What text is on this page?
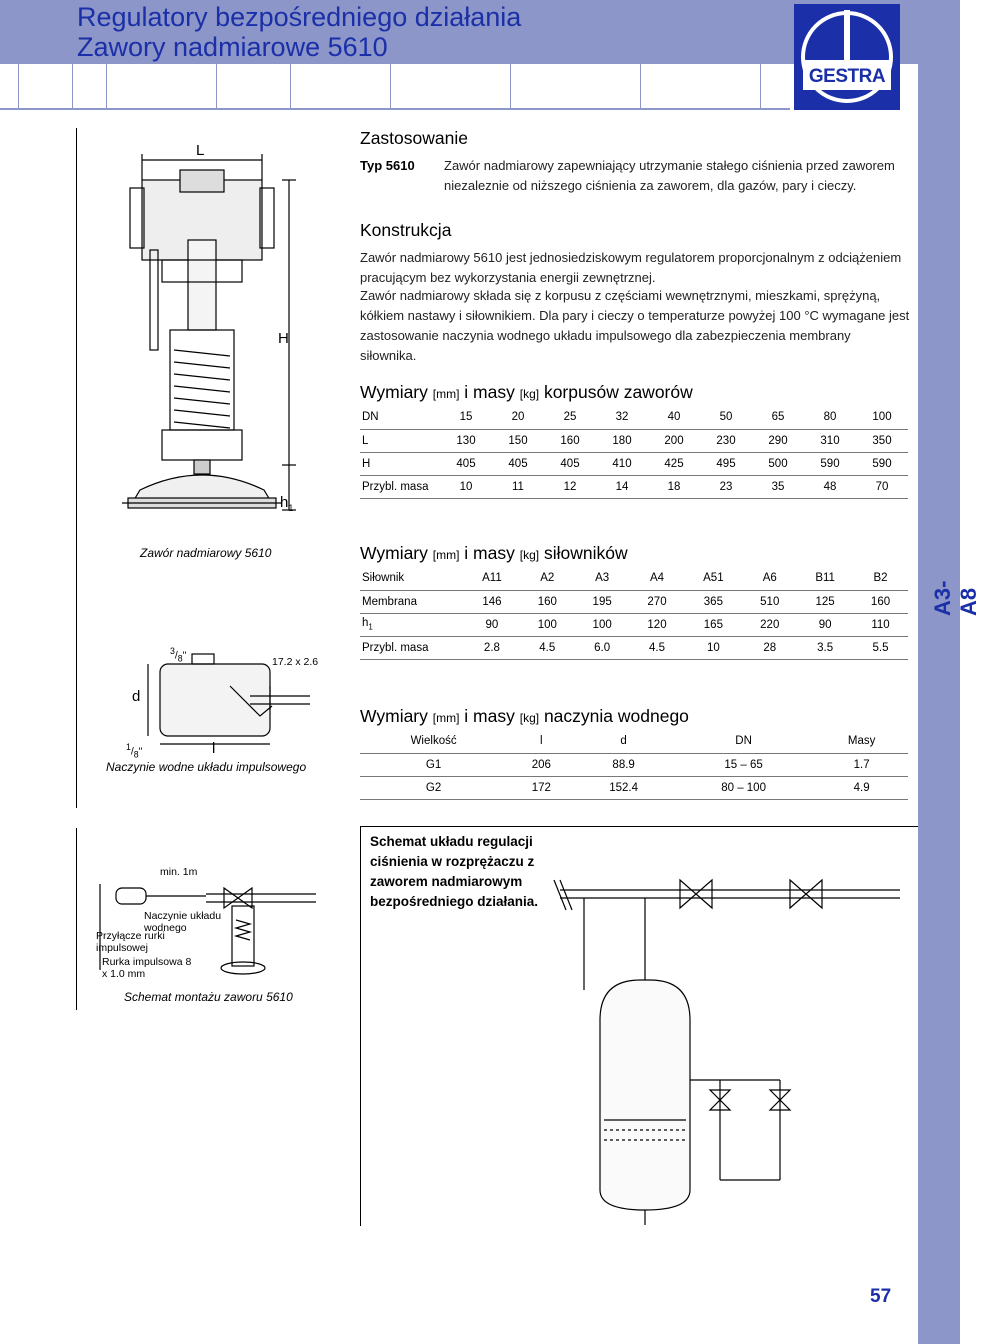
Regulatory bezpośredniego działania
Zawory nadmiarowe 5610
A3-A8
GESTRA
L
H
$h_1$
Zawór nadmiarowy 5610
$^3/_8$"
17.2 x 2.6
d
l
$^1/_8$"
Naczynie wodne układu impulsowego
min. 1m
Naczynie układu wodnego
Przyłącze rurki impulsowej
Rurka impulsowa 8 x 1.0 mm
Schemat montażu zaworu 5610
Zastosowanie
Typ 5610 Zawór nadmiarowy zapewniający utrzymanie stałego ciśnienia przed zaworem niezaleznie od niższego ciśnienia za zaworem, dla gazów, pary i cieczy.
Konstrukcja
Zawór nadmiarowy 5610 jest jednosiedziskowym regulatorem proporcjonalnym z odciążeniem pracującym bez wykorzystania energii zewnętrznej.
Zawór nadmiarowy składa się z korpusu z częściami wewnętrznymi, mieszkami, sprężyną, kółkiem nastawy i siłownikiem. Dla pary i cieczy o temperaturze powyżej 100 °C wymagane jest zastosowanie naczynia wodnego układu impulsowego dla zabezpieczenia membrany siłownika.
Wymiary [mm] i masy [kg] korpusów zaworów
DN	15	20	25	32	40	50	65	80	100
L	130	150	160	180	200	230	290	310	350
H	405	405	405	410	425	495	500	590	590
Przybl. masa	10	11	12	14	18	23	35	48	70
Wymiary [mm] i masy [kg] siłowników
Siłownik	A11	A2	A3	A4	A51	A6	B11	B2
Membrana	146	160	195	270	365	510	125	160
$h_1$	90	100	100	120	165	220	90	110
Przybl. masa	2.8	4.5	6.0	4.5	10	28	3.5	5.5
Wymiary [mm] i masy [kg] naczynia wodnego
Wielkość	l	d	DN	Masy
G1	206	88.9	15 – 65	1.7
G2	172	152.4	80 – 100	4.9
Schemat układu regulacji ciśnienia w rozprężaczu z zaworem nadmiarowym bezpośredniego działania.
57
